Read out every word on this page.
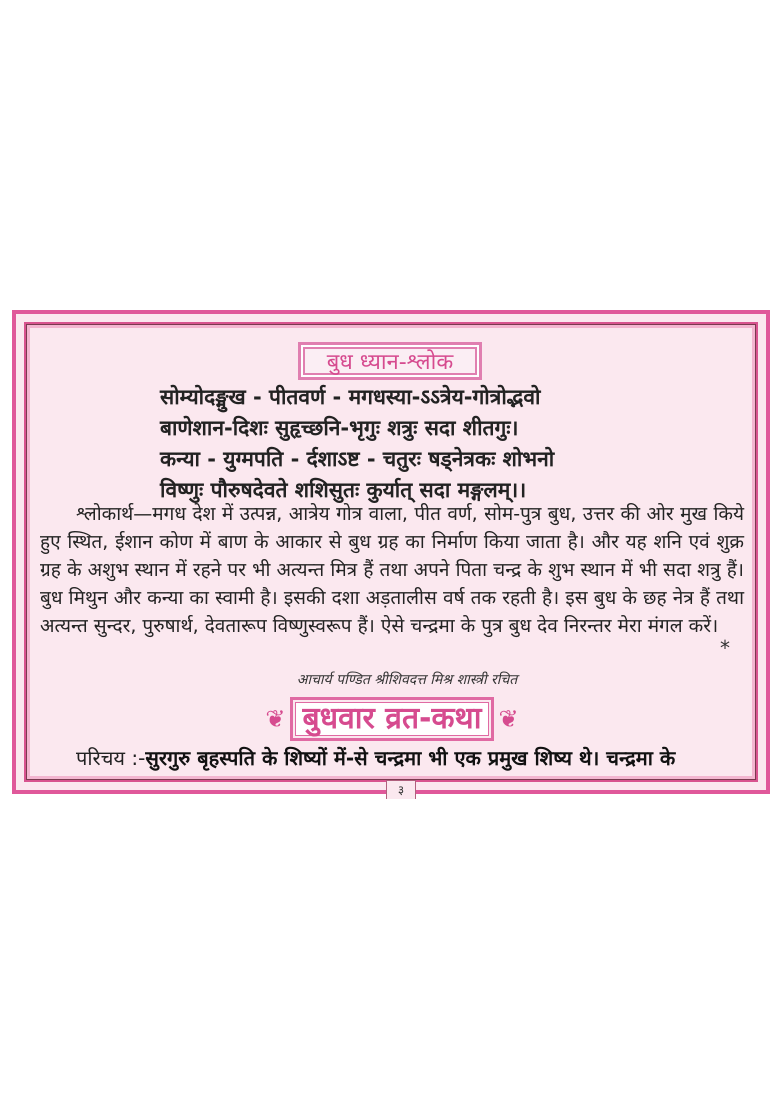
बुध ध्यान-श्लोक
सोम्योदङ्मुख - पीतवर्ण - मगधस्या-ऽऽत्रेय-गोत्रोद्भवो
बाणेशान-दिशः सुहृच्छनि-भृगुः शत्रुः सदा शीतगुः।
कन्या - युग्मपति - र्दशाऽष्ट - चतुरः षड्नेत्रकः शोभनो
विष्णुः पौरुषदेवते शशिसुतः कुर्यात् सदा मङ्गलम्।।
श्लोकार्थ—मगध देश में उत्पन्न, आत्रेय गोत्र वाला, पीत वर्ण, सोम-पुत्र बुध, उत्तर की ओर मुख किये हुए स्थित, ईशान कोण में बाण के आकार से बुध ग्रह का निर्माण किया जाता है। और यह शनि एवं शुक्र ग्रह के अशुभ स्थान में रहने पर भी अत्यन्त मित्र हैं तथा अपने पिता चन्द्र के शुभ स्थान में भी सदा शत्रु हैं। बुध मिथुन और कन्या का स्वामी है। इसकी दशा अड़तालीस वर्ष तक रहती है। इस बुध के छह नेत्र हैं तथा अत्यन्त सुन्दर, पुरुषार्थ, देवतारूप विष्णुस्वरूप हैं। ऐसे चन्द्रमा के पुत्र बुध देव निरन्तर मेरा मंगल करें।
*
आचार्य पण्डित श्रीशिवदत्त मिश्र शास्त्री रचित
❦ बुधवार व्रत-कथा ❦
परिचय :-सुरगुरु बृहस्पति के शिष्यों में-से चन्द्रमा भी एक प्रमुख शिष्य थे। चन्द्रमा के
३
